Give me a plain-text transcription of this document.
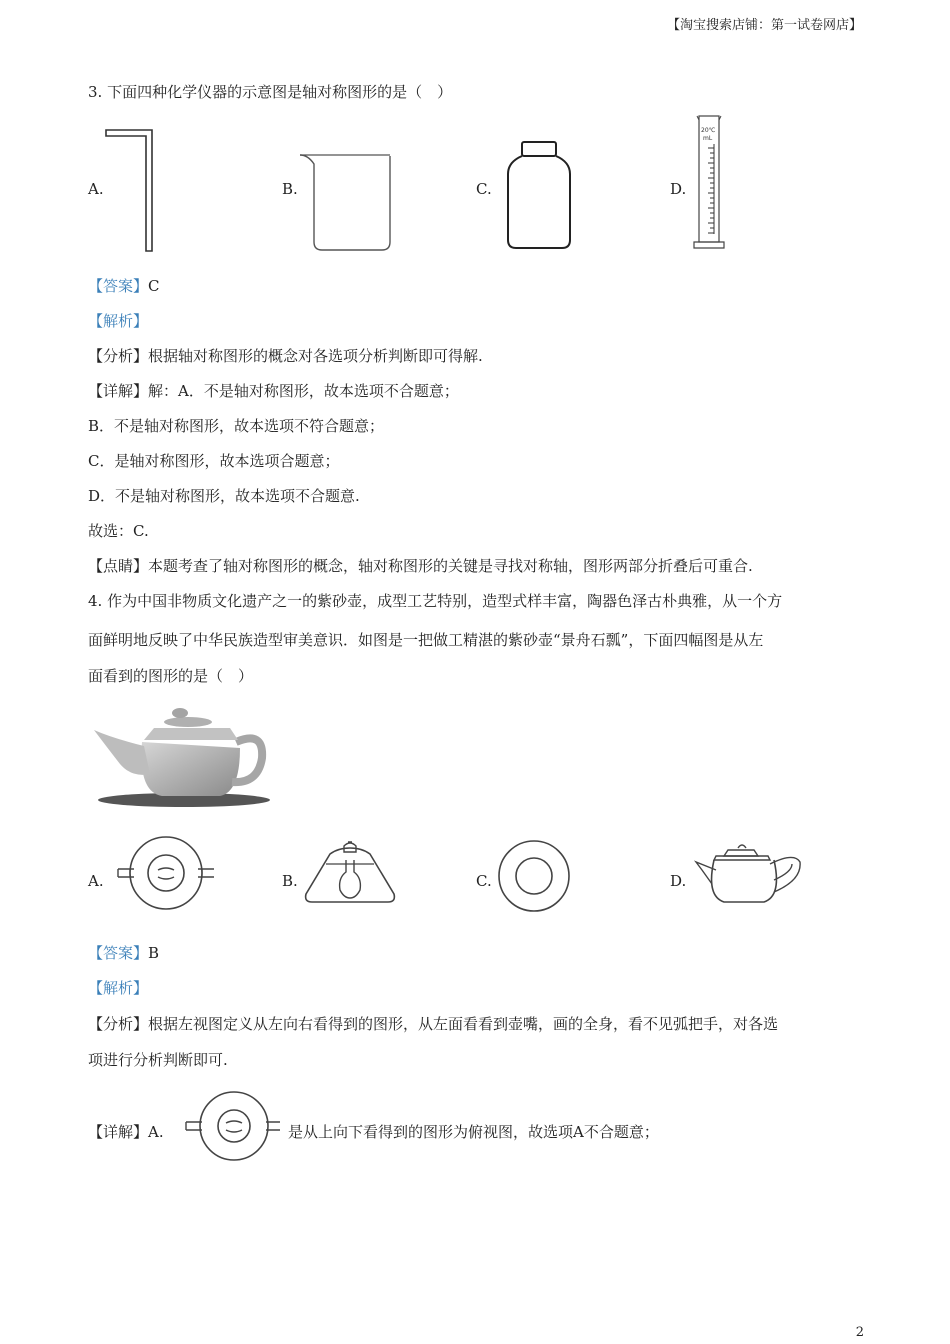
【淘宝搜索店铺：第一试卷网店】
3. 下面四种化学仪器的示意图是轴对称图形的是（　）
A.	B.	C.	D.
20℃
mL
【答案】C
【解析】
【分析】根据轴对称图形的概念对各选项分析判断即可得解.
【详解】解：A．不是轴对称图形，故本选项不合题意；
B．不是轴对称图形，故本选项不符合题意；
C．是轴对称图形，故本选项合题意；
D．不是轴对称图形，故本选项不合题意.
故选：C.
【点睛】本题考查了轴对称图形的概念，轴对称图形的关键是寻找对称轴，图形两部分折叠后可重合.
4. 作为中国非物质文化遗产之一的紫砂壶，成型工艺特别，造型式样丰富，陶器色泽古朴典雅，从一个方
面鲜明地反映了中华民族造型审美意识．如图是一把做工精湛的紫砂壶“景舟石瓢”，下面四幅图是从左
面看到的图形的是（　）
A.	B.	C.	D.
【答案】B
【解析】
【分析】根据左视图定义从左向右看得到的图形，从左面看看到壶嘴，画的全身，看不见弧把手，对各选
项进行分析判断即可.
【详解】A.	是从上向下看得到的图形为俯视图，故选项A不合题意；
2
